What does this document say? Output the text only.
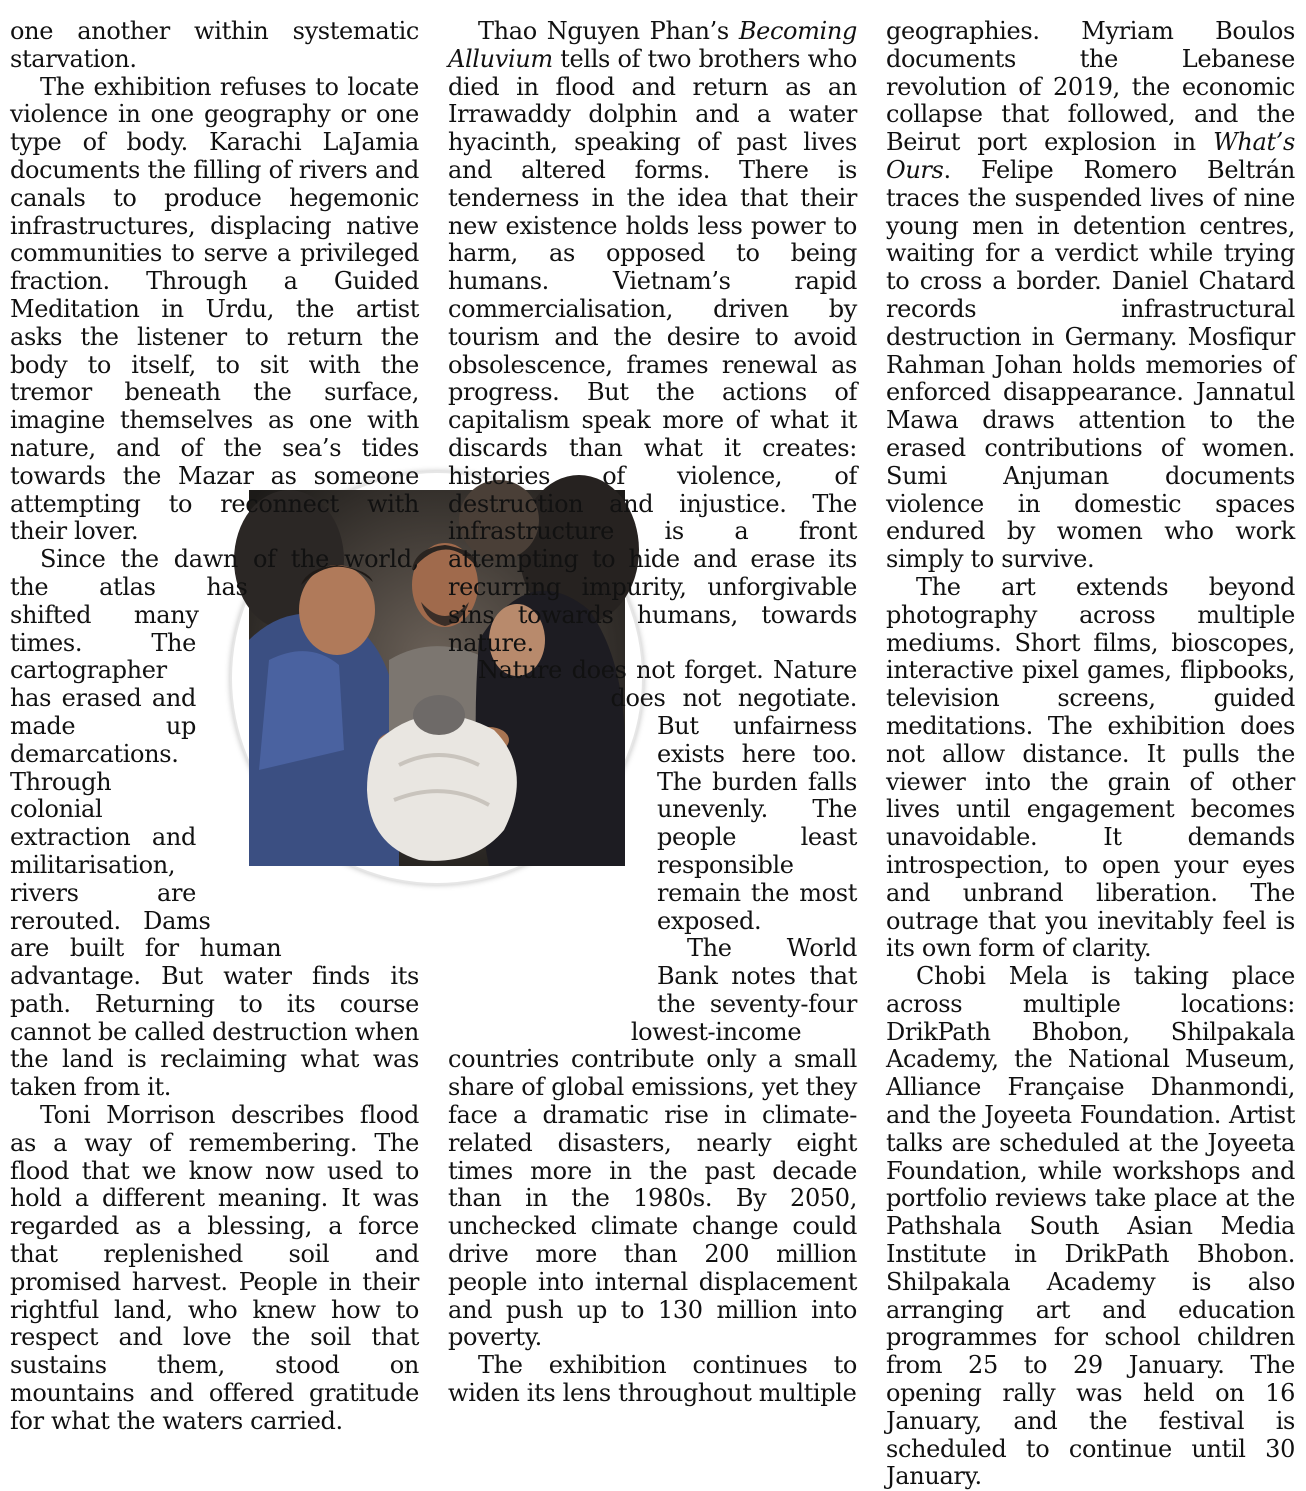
one another within systematic starvation.

The exhibition refuses to locate violence in one geography or one type of body. Karachi LaJamia documents the filling of rivers and canals to produce hegemonic infrastructures, displacing native communities to serve a privileged fraction. Through a Guided Meditation in Urdu, the artist asks the listener to return the body to itself, to sit with the tremor beneath the surface, imagine themselves as one with nature, and of the sea’s tides towards the Mazar as someone attempting to reconnect with their lover.

Since the dawn of the world, the atlas has shifted many times. The cartographer has erased and made up demarcations. Through colonial extraction and militarisation, rivers are rerouted. Dams are built for human advantage. But water finds its path. Returning to its course cannot be called destruction when the land is reclaiming what was taken from it.

Toni Morrison describes flood as a way of remembering. The flood that we know now used to hold a different meaning. It was regarded as a blessing, a force that replenished soil and promised harvest. People in their rightful land, who knew how to respect and love the soil that sustains them, stood on mountains and offered gratitude for what the waters carried.

Thao Nguyen Phan’s Becoming Alluvium tells of two brothers who died in flood and return as an Irrawaddy dolphin and a water hyacinth, speaking of past lives and altered forms. There is tenderness in the idea that their new existence holds less power to harm, as opposed to being humans. Vietnam’s rapid commercialisation, driven by tourism and the desire to avoid obsolescence, frames renewal as progress. But the actions of capitalism speak more of what it discards than what it creates: histories of violence, of destruction and injustice. The infrastructure is a front attempting to hide and erase its recurring impurity, unforgivable sins towards humans, towards nature.

Nature does not forget. Nature does not negotiate. But unfairness exists here too. The burden falls unevenly. The people least responsible remain the most exposed.

The World Bank notes that the seventy-four lowest-income countries contribute only a small share of global emissions, yet they face a dramatic rise in climate-related disasters, nearly eight times more in the past decade than in the 1980s. By 2050, unchecked climate change could drive more than 200 million people into internal displacement and push up to 130 million into poverty.

The exhibition continues to widen its lens throughout multiple

geographies. Myriam Boulos documents the Lebanese revolution of 2019, the economic collapse that followed, and the Beirut port explosion in What’s Ours. Felipe Romero Beltrán traces the suspended lives of nine young men in detention centres, waiting for a verdict while trying to cross a border. Daniel Chatard records infrastructural destruction in Germany. Mosfiqur Rahman Johan holds memories of enforced disappearance. Jannatul Mawa draws attention to the erased contributions of women. Sumi Anjuman documents violence in domestic spaces endured by women who work simply to survive.

The art extends beyond photography across multiple mediums. Short films, bioscopes, interactive pixel games, flipbooks, television screens, guided meditations. The exhibition does not allow distance. It pulls the viewer into the grain of other lives until engagement becomes unavoidable. It demands introspection, to open your eyes and unbrand liberation. The outrage that you inevitably feel is its own form of clarity.

Chobi Mela is taking place across multiple locations: DrikPath Bhobon, Shilpakala Academy, the National Museum, Alliance Française Dhanmondi, and the Joyeeta Foundation. Artist talks are scheduled at the Joyeeta Foundation, while workshops and portfolio reviews take place at the Pathshala South Asian Media Institute in DrikPath Bhobon. Shilpakala Academy is also arranging art and education programmes for school children from 25 to 29 January. The opening rally was held on 16 January, and the festival is scheduled to continue until 30 January.
